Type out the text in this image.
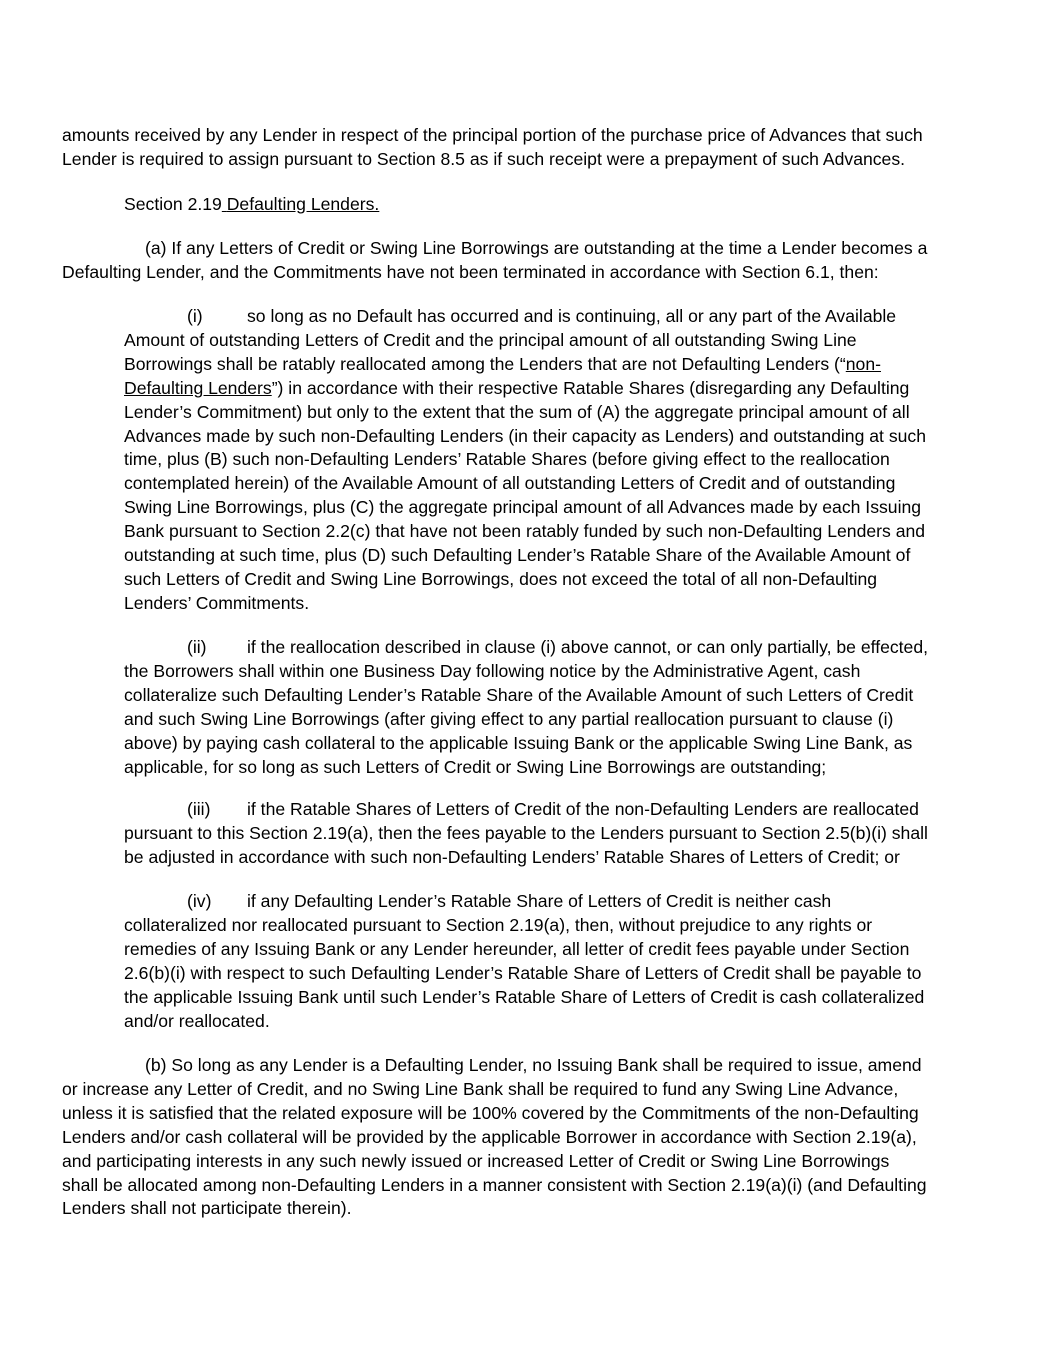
amounts received by any Lender in respect of the principal portion of the purchase price of Advances that such
Lender is required to assign pursuant to Section 8.5 as if such receipt were a prepayment of such Advances.

Section 2.19 Defaulting Lenders.

(a) If any Letters of Credit or Swing Line Borrowings are outstanding at the time a Lender becomes a
Defaulting Lender, and the Commitments have not been terminated in accordance with Section 6.1, then:

(i)	so long as no Default has occurred and is continuing, all or any part of the Available
Amount of outstanding Letters of Credit and the principal amount of all outstanding Swing Line
Borrowings shall be ratably reallocated among the Lenders that are not Defaulting Lenders (“non-
Defaulting Lenders”) in accordance with their respective Ratable Shares (disregarding any Defaulting
Lender’s Commitment) but only to the extent that the sum of (A) the aggregate principal amount of all
Advances made by such non-Defaulting Lenders (in their capacity as Lenders) and outstanding at such
time, plus (B) such non-Defaulting Lenders’ Ratable Shares (before giving effect to the reallocation
contemplated herein) of the Available Amount of all outstanding Letters of Credit and of outstanding
Swing Line Borrowings, plus (C) the aggregate principal amount of all Advances made by each Issuing
Bank pursuant to Section 2.2(c) that have not been ratably funded by such non-Defaulting Lenders and
outstanding at such time, plus (D) such Defaulting Lender’s Ratable Share of the Available Amount of
such Letters of Credit and Swing Line Borrowings, does not exceed the total of all non-Defaulting
Lenders’ Commitments.

(ii) if the reallocation described in clause (i) above cannot, or can only partially, be effected,
the Borrowers shall within one Business Day following notice by the Administrative Agent, cash
collateralize such Defaulting Lender’s Ratable Share of the Available Amount of such Letters of Credit
and such Swing Line Borrowings (after giving effect to any partial reallocation pursuant to clause (i)
above) by paying cash collateral to the applicable Issuing Bank or the applicable Swing Line Bank, as
applicable, for so long as such Letters of Credit or Swing Line Borrowings are outstanding;

(iii) if the Ratable Shares of Letters of Credit of the non-Defaulting Lenders are reallocated
pursuant to this Section 2.19(a), then the fees payable to the Lenders pursuant to Section 2.5(b)(i) shall
be adjusted in accordance with such non-Defaulting Lenders’ Ratable Shares of Letters of Credit; or

(iv) if any Defaulting Lender’s Ratable Share of Letters of Credit is neither cash
collateralized nor reallocated pursuant to Section 2.19(a), then, without prejudice to any rights or
remedies of any Issuing Bank or any Lender hereunder, all letter of credit fees payable under Section
2.6(b)(i) with respect to such Defaulting Lender’s Ratable Share of Letters of Credit shall be payable to
the applicable Issuing Bank until such Lender’s Ratable Share of Letters of Credit is cash collateralized
and/or reallocated.

(b) So long as any Lender is a Defaulting Lender, no Issuing Bank shall be required to issue, amend
or increase any Letter of Credit, and no Swing Line Bank shall be required to fund any Swing Line Advance,
unless it is satisfied that the related exposure will be 100% covered by the Commitments of the non-Defaulting
Lenders and/or cash collateral will be provided by the applicable Borrower in accordance with Section 2.19(a),
and participating interests in any such newly issued or increased Letter of Credit or Swing Line Borrowings
shall be allocated among non-Defaulting Lenders in a manner consistent with Section 2.19(a)(i) (and Defaulting
Lenders shall not participate therein).
